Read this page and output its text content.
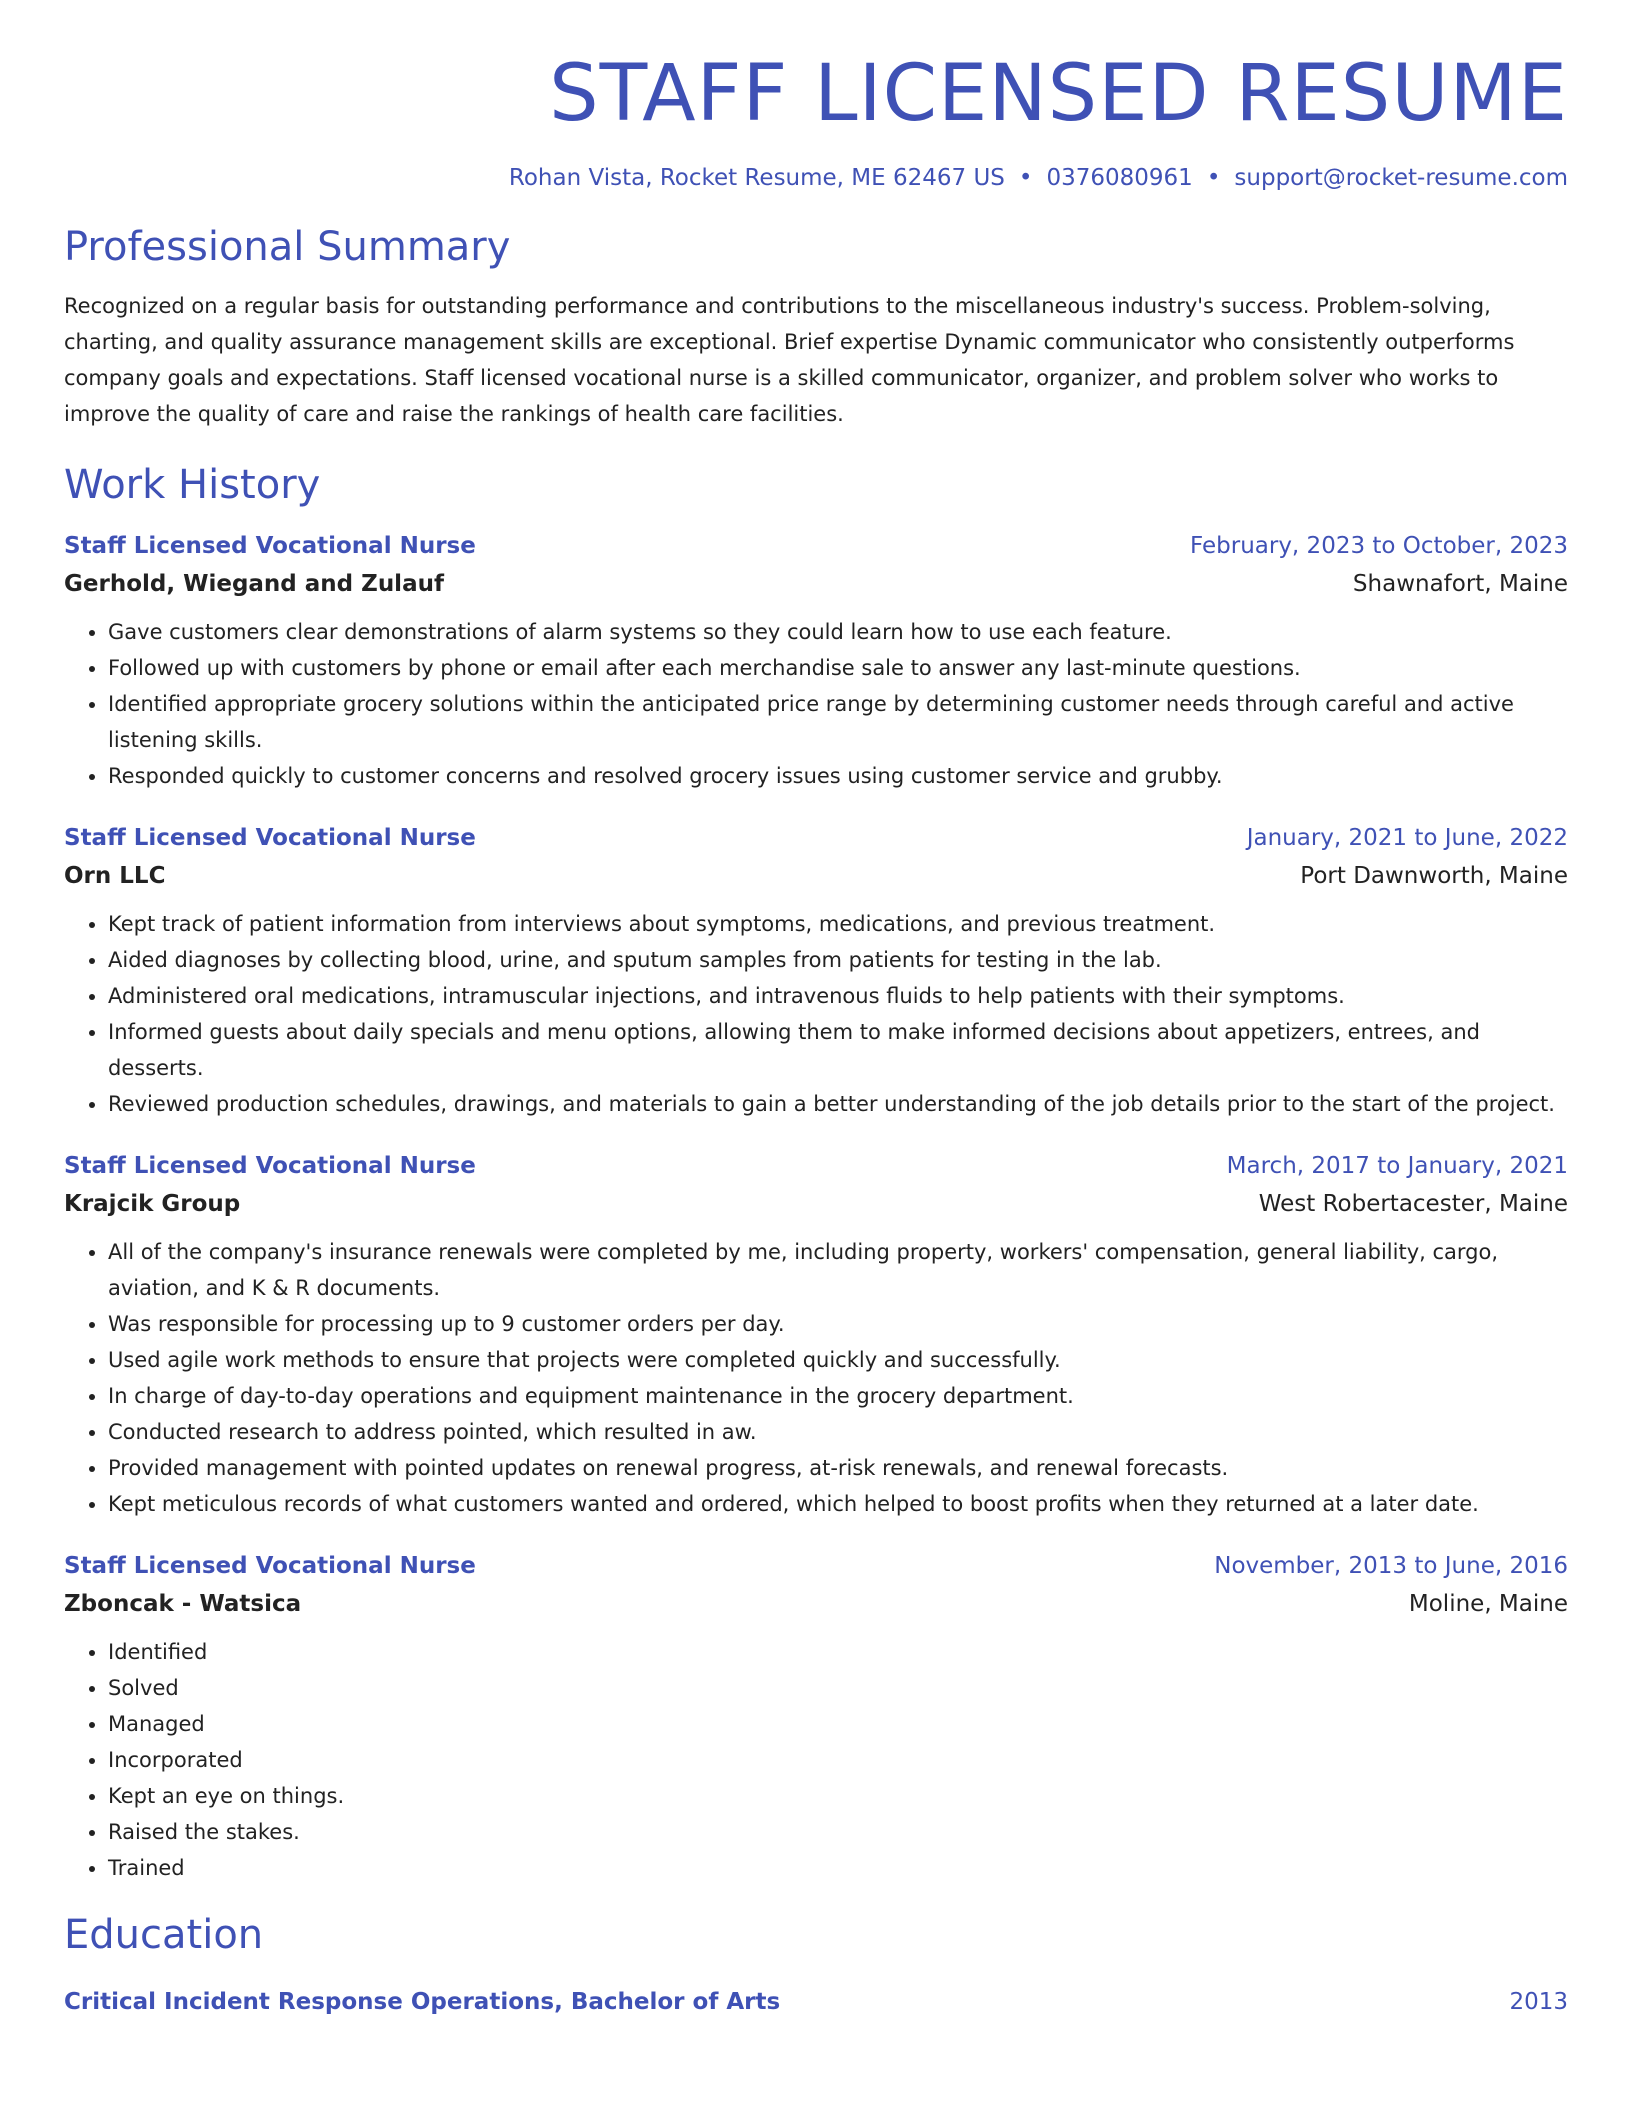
STAFF LICENSED RESUME
Rohan Vista, Rocket Resume, ME 62467 US • 0376080961 • support@rocket-resume.com
Professional Summary

Recognized on a regular basis for outstanding performance and contributions to the miscellaneous industry's success. Problem-solving, charting, and quality assurance management skills are exceptional. Brief expertise Dynamic communicator who consistently outperforms company goals and expectations. Staff licensed vocational nurse is a skilled communicator, organizer, and problem solver who works to improve the quality of care and raise the rankings of health care facilities.

Work History
Staff Licensed Vocational Nurse	February, 2023 to October, 2023
Gerhold, Wiegand and Zulauf	Shawnafort, Maine
• Gave customers clear demonstrations of alarm systems so they could learn how to use each feature.
• Followed up with customers by phone or email after each merchandise sale to answer any last-minute questions.
• Identified appropriate grocery solutions within the anticipated price range by determining customer needs through careful and active listening skills.
• Responded quickly to customer concerns and resolved grocery issues using customer service and grubby.
Staff Licensed Vocational Nurse	January, 2021 to June, 2022
Orn LLC	Port Dawnworth, Maine
• Kept track of patient information from interviews about symptoms, medications, and previous treatment.
• Aided diagnoses by collecting blood, urine, and sputum samples from patients for testing in the lab.
• Administered oral medications, intramuscular injections, and intravenous fluids to help patients with their symptoms.
• Informed guests about daily specials and menu options, allowing them to make informed decisions about appetizers, entrees, and desserts.
• Reviewed production schedules, drawings, and materials to gain a better understanding of the job details prior to the start of the project.
Staff Licensed Vocational Nurse	March, 2017 to January, 2021
Krajcik Group	West Robertacester, Maine
• All of the company's insurance renewals were completed by me, including property, workers' compensation, general liability, cargo, aviation, and K & R documents.
• Was responsible for processing up to 9 customer orders per day.
• Used agile work methods to ensure that projects were completed quickly and successfully.
• In charge of day-to-day operations and equipment maintenance in the grocery department.
• Conducted research to address pointed, which resulted in aw.
• Provided management with pointed updates on renewal progress, at-risk renewals, and renewal forecasts.
• Kept meticulous records of what customers wanted and ordered, which helped to boost profits when they returned at a later date.
Staff Licensed Vocational Nurse	November, 2013 to June, 2016
Zboncak - Watsica	Moline, Maine
• Identified
• Solved
• Managed
• Incorporated
• Kept an eye on things.
• Raised the stakes.
• Trained
Education
Critical Incident Response Operations, Bachelor of Arts	2013
